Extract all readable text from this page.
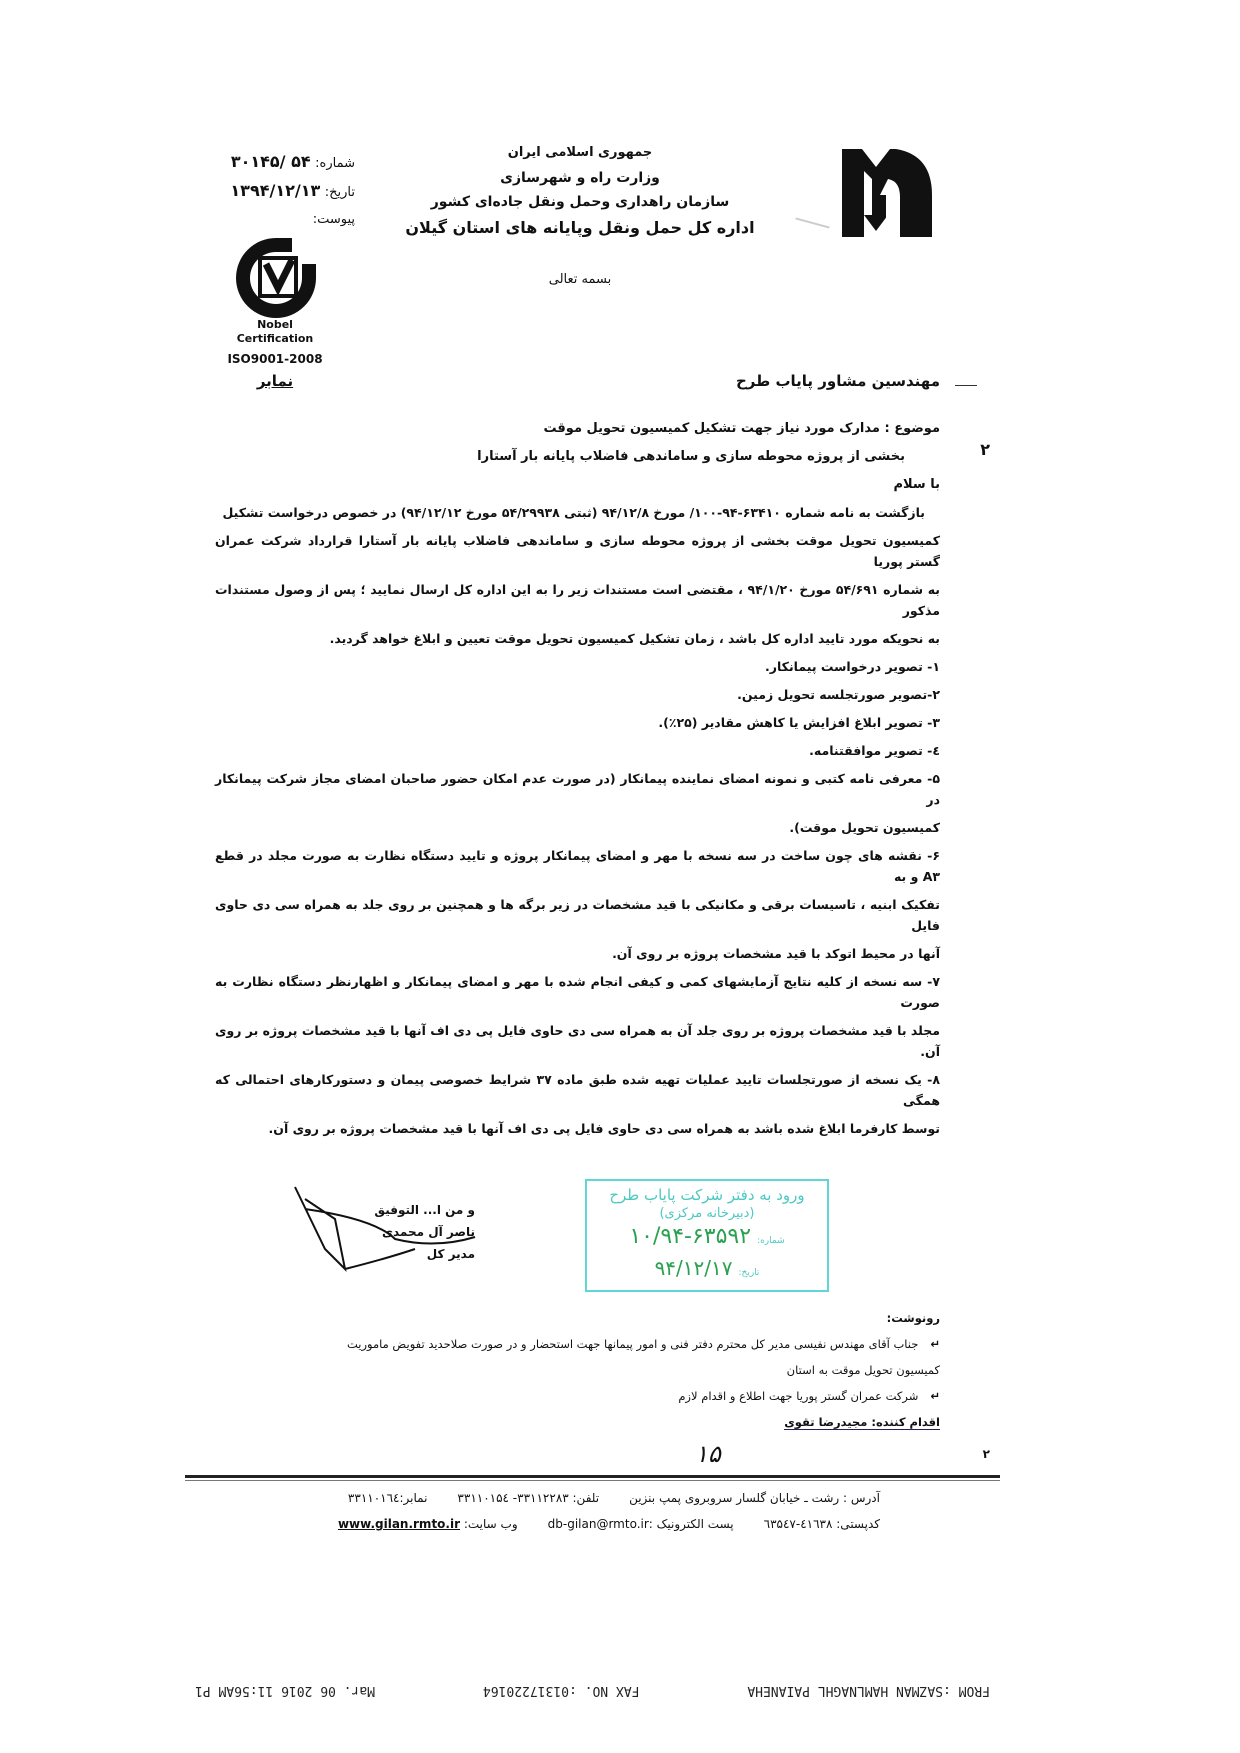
جمهوری اسلامی ایران
وزارت راه و شهرسازی
سازمان راهداری وحمل ونقل جاده‌ای کشور
اداره کل حمل ونقل وپایانه های استان گیلان
بسمه تعالی
شماره: ۵۴ /۳۰۱۴۵
تاریخ: ۱۳۹۴/۱۲/۱۳
پیوست:
Nobel
Certification
ISO9001-2008
نمابر	مهندسین مشاور پایاب طرح
موضوع : مدارک مورد نیاز جهت تشکیل کمیسیون تحویل موقت
بخشی از پروژه محوطه سازی و ساماندهی فاضلاب پایانه بار آستارا	۲
با سلام
بازگشت به نامه شماره ۶۳۴۱۰-۹۴-۱۰۰/ مورخ ۹۴/۱۲/۸ (ثبتی ۵۴/۲۹۹۳۸ مورخ ۹۴/۱۲/۱۲) در خصوص درخواست تشکیل
کمیسیون تحویل موقت بخشی از پروژه محوطه سازی و ساماندهی فاضلاب پایانه بار آستارا قرارداد شرکت عمران گستر پوریا
به شماره ۵۴/۶۹۱ مورخ ۹۴/۱/۲۰ ، مقتضی است مستندات زیر را به این اداره کل ارسال نمایید ؛ پس از وصول مستندات مذکور
به نحویکه مورد تایید اداره کل باشد ، زمان تشکیل کمیسیون تحویل موقت تعیین و ابلاغ خواهد گردید.
۱- تصویر درخواست پیمانکار.
۲-تصویر صورتجلسه تحویل زمین.
۳- تصویر ابلاغ افزایش یا کاهش مقادیر (۲۵٪).
٤- تصویر موافقتنامه.
۵- معرفی نامه کتبی و نمونه امضای نماینده پیمانکار (در صورت عدم امکان حضور صاحبان امضای مجاز شرکت پیمانکار در
کمیسیون تحویل موقت).
۶- نقشه های چون ساخت در سه نسخه با مهر و امضای پیمانکار پروژه و تایید دستگاه نظارت به صورت مجلد در قطع A۳ و به
تفکیک ابنیه ، تاسیسات برقی و مکانیکی با قید مشخصات در زیر برگه ها و همچنین بر روی جلد به همراه سی دی حاوی فایل
آنها در محیط اتوکد با قید مشخصات پروژه بر روی آن.
۷- سه نسخه از کلیه نتایج آزمایشهای کمی و کیفی انجام شده با مهر و امضای پیمانکار و اظهارنظر دستگاه نظارت به صورت
مجلد با قید مشخصات پروژه بر روی جلد آن به همراه سی دی حاوی فایل پی دی اف آنها با قید مشخصات پروژه بر روی آن.
۸- یک نسخه از صورتجلسات تایید عملیات تهیه شده طبق ماده ۳۷ شرایط خصوصی پیمان و دستورکارهای احتمالی که همگی
توسط کارفرما ابلاغ شده باشد به همراه سی دی حاوی فایل پی دی اف آنها با قید مشخصات پروژه بر روی آن.
و من ا... التوفیق
ناصر آل محمدی
مدیر کل
ورود به دفتر شرکت پایاب طرح
(دبیرخانه مرکزی)
شماره:
۱۰/۹۴-۶۳۵۹۲
تاریخ:
۹۴/۱۲/۱۷
رونوشت:
↵جناب آقای مهندس نفیسی مدیر کل محترم دفتر فنی و امور پیمانها جهت استحضار و در صورت صلاحدید تفویض ماموریت
کمیسیون تحویل موقت به استان
↵شرکت عمران گستر پوریا جهت اطلاع و اقدام لازم
اقدام کننده: مجیدرضا تقوی
۲
۱۵
آدرس : رشت ـ خیابان گلسار سروبروی پمپ بنزین
تلفن: ۳۳۱۱۲۲۸۳- ۳۳۱۱۰۱۵٤
نمابر:۳۳۱۱۰۱٦٤
کدپستی: ٤۱٦۳۸-٦۳۵٤۷
پست الکترونیک :db-gilan@rmto.ir
وب سایت: www.gilan.rmto.ir
FROM :SAZMAN HAMLNAGHL PAIANEHA
FAX NO. :01317220164
Mar. 06 2016 11:56AM P1
